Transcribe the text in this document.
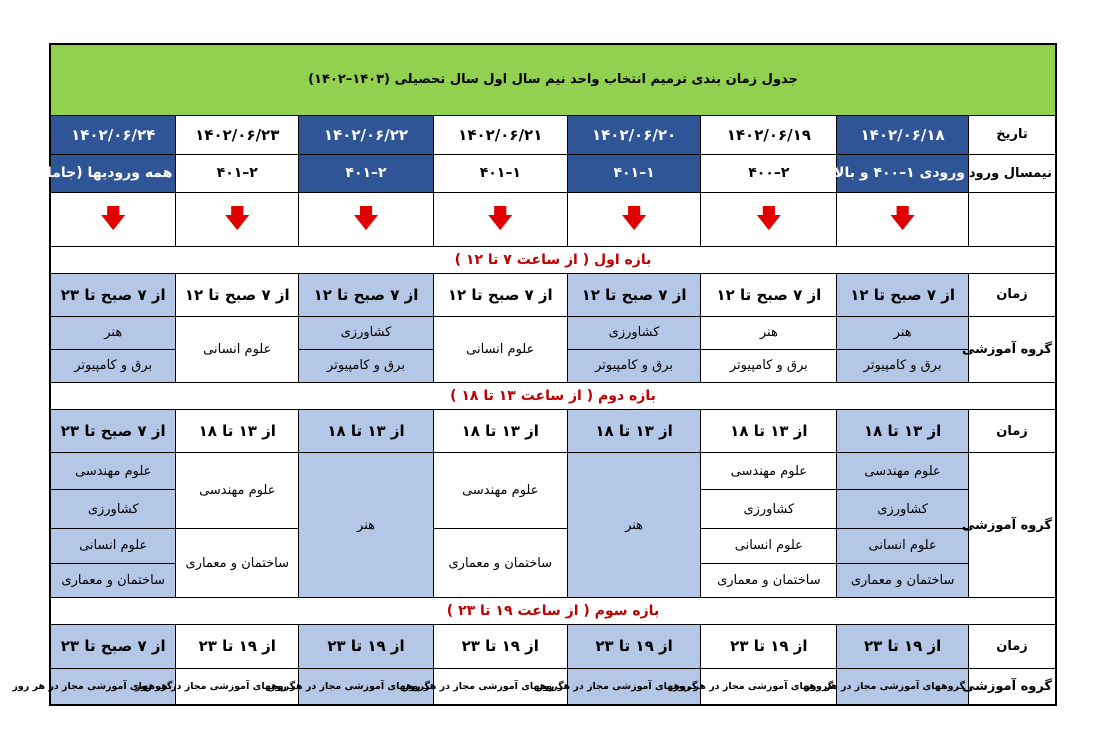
جدول زمان بندی ترمیم انتخاب واحد نیم سال اول سال تحصیلی (۱۴۰۳–۱۴۰۲)							
تاریخ	۱۴۰۲/۰۶/۱۸	۱۴۰۲/۰۶/۱۹	۱۴۰۲/۰۶/۲۰	۱۴۰۲/۰۶/۲۱	۱۴۰۲/۰۶/۲۲	۱۴۰۲/۰۶/۲۳	۱۴۰۲/۰۶/۲۴
نیمسال ورود	ورودی ۱–۴۰۰ و بالاتر	۲–۴۰۰	۱–۴۰۱	۱–۴۰۱	۲–۴۰۱	۲–۴۰۱	همه ورودیها (جامانده)
	🡇	🡇	🡇	🡇	🡇	🡇	🡇
بازه اول ( از ساعت ۷ تا ۱۲ )							
زمان	از ۷ صبح تا ۱۲	از ۷ صبح تا ۱۲	از ۷ صبح تا ۱۲	از ۷ صبح تا ۱۲	از ۷ صبح تا ۱۲	از ۷ صبح تا ۱۲	از ۷ صبح تا ۲۳
گروه آموزشی	هنر	هنر	کشاورزی	علوم انسانی	کشاورزی	علوم انسانی	هنر
	برق و کامپیوتر	برق و کامپیوتر	برق و کامپیوتر		برق و کامپیوتر		برق و کامپیوتر
بازه دوم ( از ساعت ۱۳ تا ۱۸ )							
زمان	از ۱۳ تا ۱۸	از ۱۳ تا ۱۸	از ۱۳ تا ۱۸	از ۱۳ تا ۱۸	از ۱۳ تا ۱۸	از ۱۳ تا ۱۸	از ۷ صبح تا ۲۳
گروه آموزشی	علوم مهندسی	علوم مهندسی	هنر	علوم مهندسی	هنر	علوم مهندسی	علوم مهندسی
	کشاورزی	کشاورزی					کشاورزی
	علوم انسانی	علوم انسانی		ساختمان و معماری		ساختمان و معماری	علوم انسانی
	ساختمان و معماری	ساختمان و معماری					ساختمان و معماری
بازه سوم ( از ساعت ۱۹ تا ۲۳ )							
زمان	از ۱۹ تا ۲۳	از ۱۹ تا ۲۳	از ۱۹ تا ۲۳	از ۱۹ تا ۲۳	از ۱۹ تا ۲۳	از ۱۹ تا ۲۳	از ۷ صبح تا ۲۳
گروه آموزشی	گروههای آموزشی مجاز در هر روز	گروههای آموزشی مجاز در هر روز	گروههای آموزشی مجاز در هر روز	گروههای آموزشی مجاز در هر روز	گروههای آموزشی مجاز در هر روز	گروههای آموزشی مجاز در هر روز	گروههای آموزشی مجاز در هر روز
